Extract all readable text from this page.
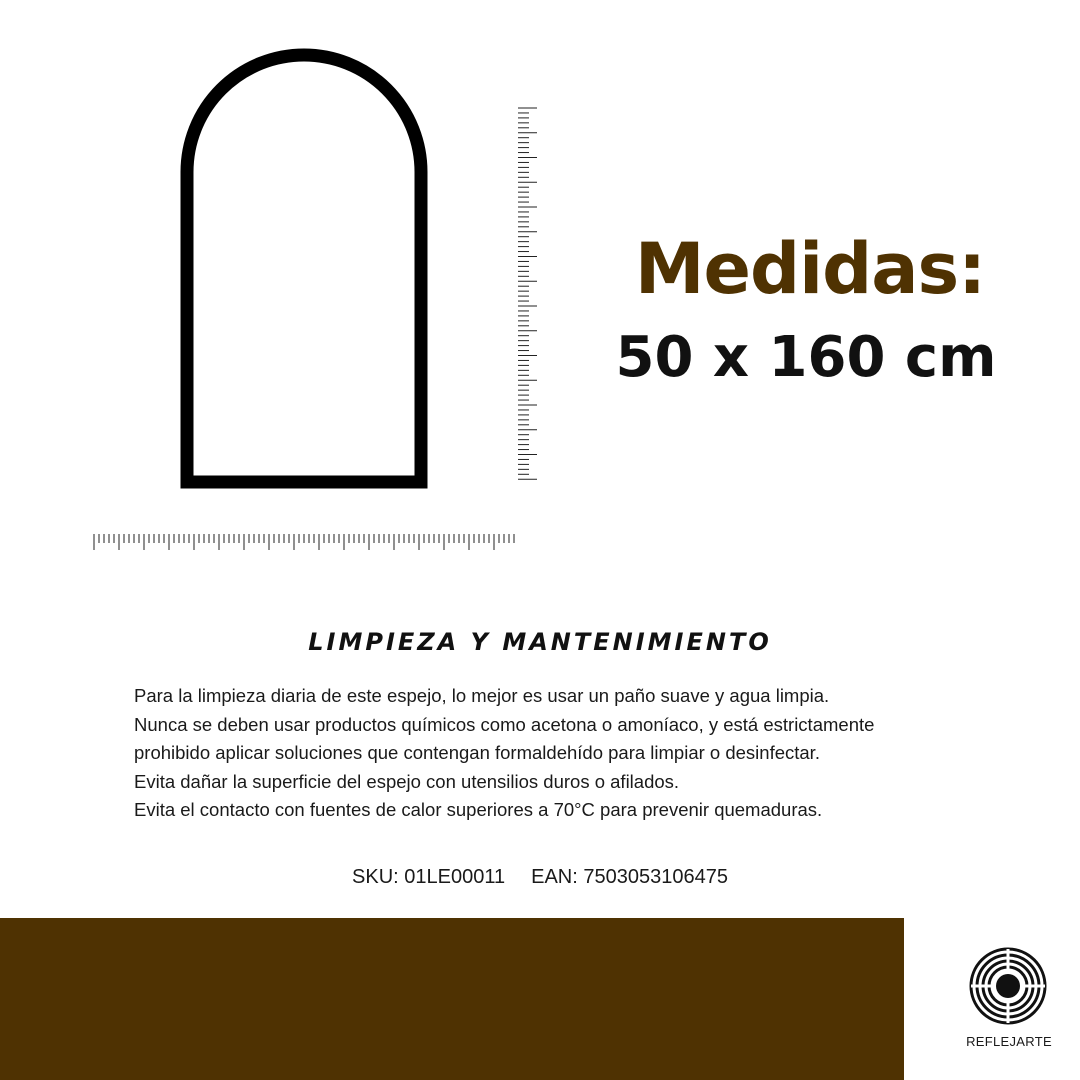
Medidas:
50 x 160 cm
LIMPIEZA Y MANTENIMIENTO
Para la limpieza diaria de este espejo, lo mejor es usar un paño suave y agua limpia.
Nunca se deben usar productos químicos como acetona o amoníaco, y está estrictamente
prohibido aplicar soluciones que contengan formaldehído para limpiar o desinfectar.
Evita dañar la superficie del espejo con utensilios duros o afilados.
Evita el contacto con fuentes de calor superiores a 70°C para prevenir quemaduras.
SKU: 01LE00011 EAN: 7503053106475
REFLEJARTE
